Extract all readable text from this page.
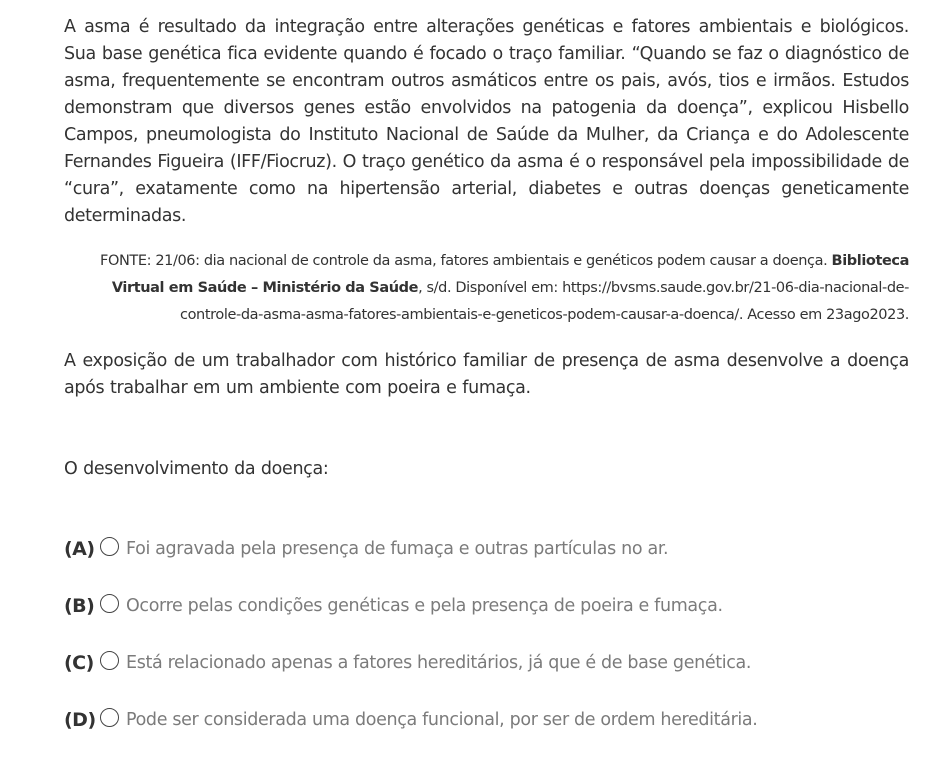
A asma é resultado da integração entre alterações genéticas e fatores ambientais e biológicos. Sua base genética fica evidente quando é focado o traço familiar. “Quando se faz o diagnóstico de asma, frequentemente se encontram outros asmáticos entre os pais, avós, tios e irmãos. Estudos demonstram que diversos genes estão envolvidos na patogenia da doença”, explicou Hisbello Campos, pneumologista do Instituto Nacional de Saúde da Mulher, da Criança e do Adolescente Fernandes Figueira (IFF/Fiocruz). O traço genético da asma é o responsável pela impossibilidade de “cura”, exatamente como na hipertensão arterial, diabetes e outras doenças geneticamente determinadas.

FONTE: 21/06: dia nacional de controle da asma, fatores ambientais e genéticos podem causar a doença. Biblioteca Virtual em Saúde – Ministério da Saúde, s/d. Disponível em: https://bvsms.saude.gov.br/21-06-dia-nacional-de-controle-da-asma-asma-fatores-ambientais-e-geneticos-podem-causar-a-doenca/. Acesso em 23ago2023.

A exposição de um trabalhador com histórico familiar de presença de asma desenvolve a doença após trabalhar em um ambiente com poeira e fumaça.

O desenvolvimento da doença:

(A)	Foi agravada pela presença de fumaça e outras partículas no ar.
(B)	Ocorre pelas condições genéticas e pela presença de poeira e fumaça.
(C)	Está relacionado apenas a fatores hereditários, já que é de base genética.
(D) Pode ser considerada uma doença funcional, por ser de ordem hereditária.
